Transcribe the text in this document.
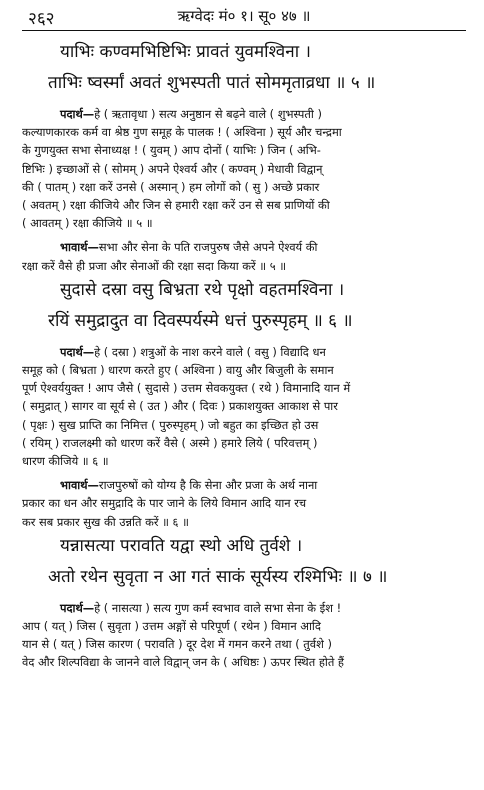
२६२	ऋग्वेदः मं० १। सू० ४७ ॥

याभिः कण्वमभिष्टिभिः प्रावतं युवमश्विना ।

ताभिः ष्वर्स्मां अवतं शुभस्पती पातं सोममृताव्रधा ॥ ५ ॥

पदार्थ—हे ( ऋतावृधा ) सत्य अनुष्ठान से बढ़ने वाले ( शुभस्पती )
कल्याणकारक कर्म वा श्रेष्ठ गुण समूह के पालक ! ( अश्विना ) सूर्य और चन्द्रमा
के गुणयुक्त सभा सेनाध्यक्ष ! ( युवम् ) आप दोनों ( याभिः ) जिन ( अभि-
ष्टिभिः ) इच्छाओं से ( सोमम् ) अपने ऐश्वर्य और ( कण्वम् ) मेधावी विद्वान्
की ( पातम् ) रक्षा करें उनसे ( अस्मान् ) हम लोगों को ( सु ) अच्छे प्रकार
( अवतम् ) रक्षा कीजिये और जिन से हमारी रक्षा करें उन से सब प्राणियों की
( आवतम् ) रक्षा कीजिये ॥ ५ ॥
भावार्थ—सभा और सेना के पति राजपुरुष जैसे अपने ऐश्वर्य की
रक्षा करें वैसे ही प्रजा और सेनाओं की रक्षा सदा किया करें ॥ ५ ॥

सुदासे दस्रा वसु बिभ्रता रथे पृक्षो वहतमश्विना ।

रयिं समुद्रादुत वा दिवस्पर्यस्मे धत्तं पुरुस्पृहम् ॥ ६ ॥

पदार्थ—हे ( दस्रा ) शत्रुओं के नाश करने वाले ( वसु ) विद्यादि धन
समूह को ( बिभ्रता ) धारण करते हुए ( अश्विना ) वायु और बिजुली के समान
पूर्ण ऐश्वर्ययुक्त ! आप जैसे ( सुदासे ) उत्तम सेवकयुक्त ( रथे ) विमानादि यान में
( समुद्रात् ) सागर वा सूर्य से ( उत ) और ( दिवः ) प्रकाशयुक्त आकाश से पार
( पृक्षः ) सुख प्राप्ति का निमित्त ( पुरुस्पृहम् ) जो बहुत का इच्छित हो उस
( रयिम् ) राजलक्ष्मी को धारण करें वैसे ( अस्मे ) हमारे लिये ( परिवत्तम् )
धारण कीजिये ॥ ६ ॥
भावार्थ—राजपुरुषों को योग्य है कि सेना और प्रजा के अर्थ नाना
प्रकार का धन और समुद्रादि के पार जाने के लिये विमान आदि यान रच
कर सब प्रकार सुख की उन्नति करें ॥ ६ ॥

यन्नासत्या परावति यद्वा स्थो अधि तुर्वशे ।

अतो रथेन सुवृता न आ गतं साकं सूर्यस्य रश्मिभिः ॥ ७ ॥

पदार्थ—हे ( नासत्या ) सत्य गुण कर्म स्वभाव वाले सभा सेना के ईश !
आप ( यत् ) जिस ( सुवृता ) उत्तम अङ्गों से परिपूर्ण ( रथेन ) विमान आदि
यान से ( यत् ) जिस कारण ( परावति ) दूर देश में गमन करने तथा ( तुर्वशे )
वेद और शिल्पविद्या के जानने वाले विद्वान् जन के ( अधिष्ठः ) ऊपर स्थित होते हैं
